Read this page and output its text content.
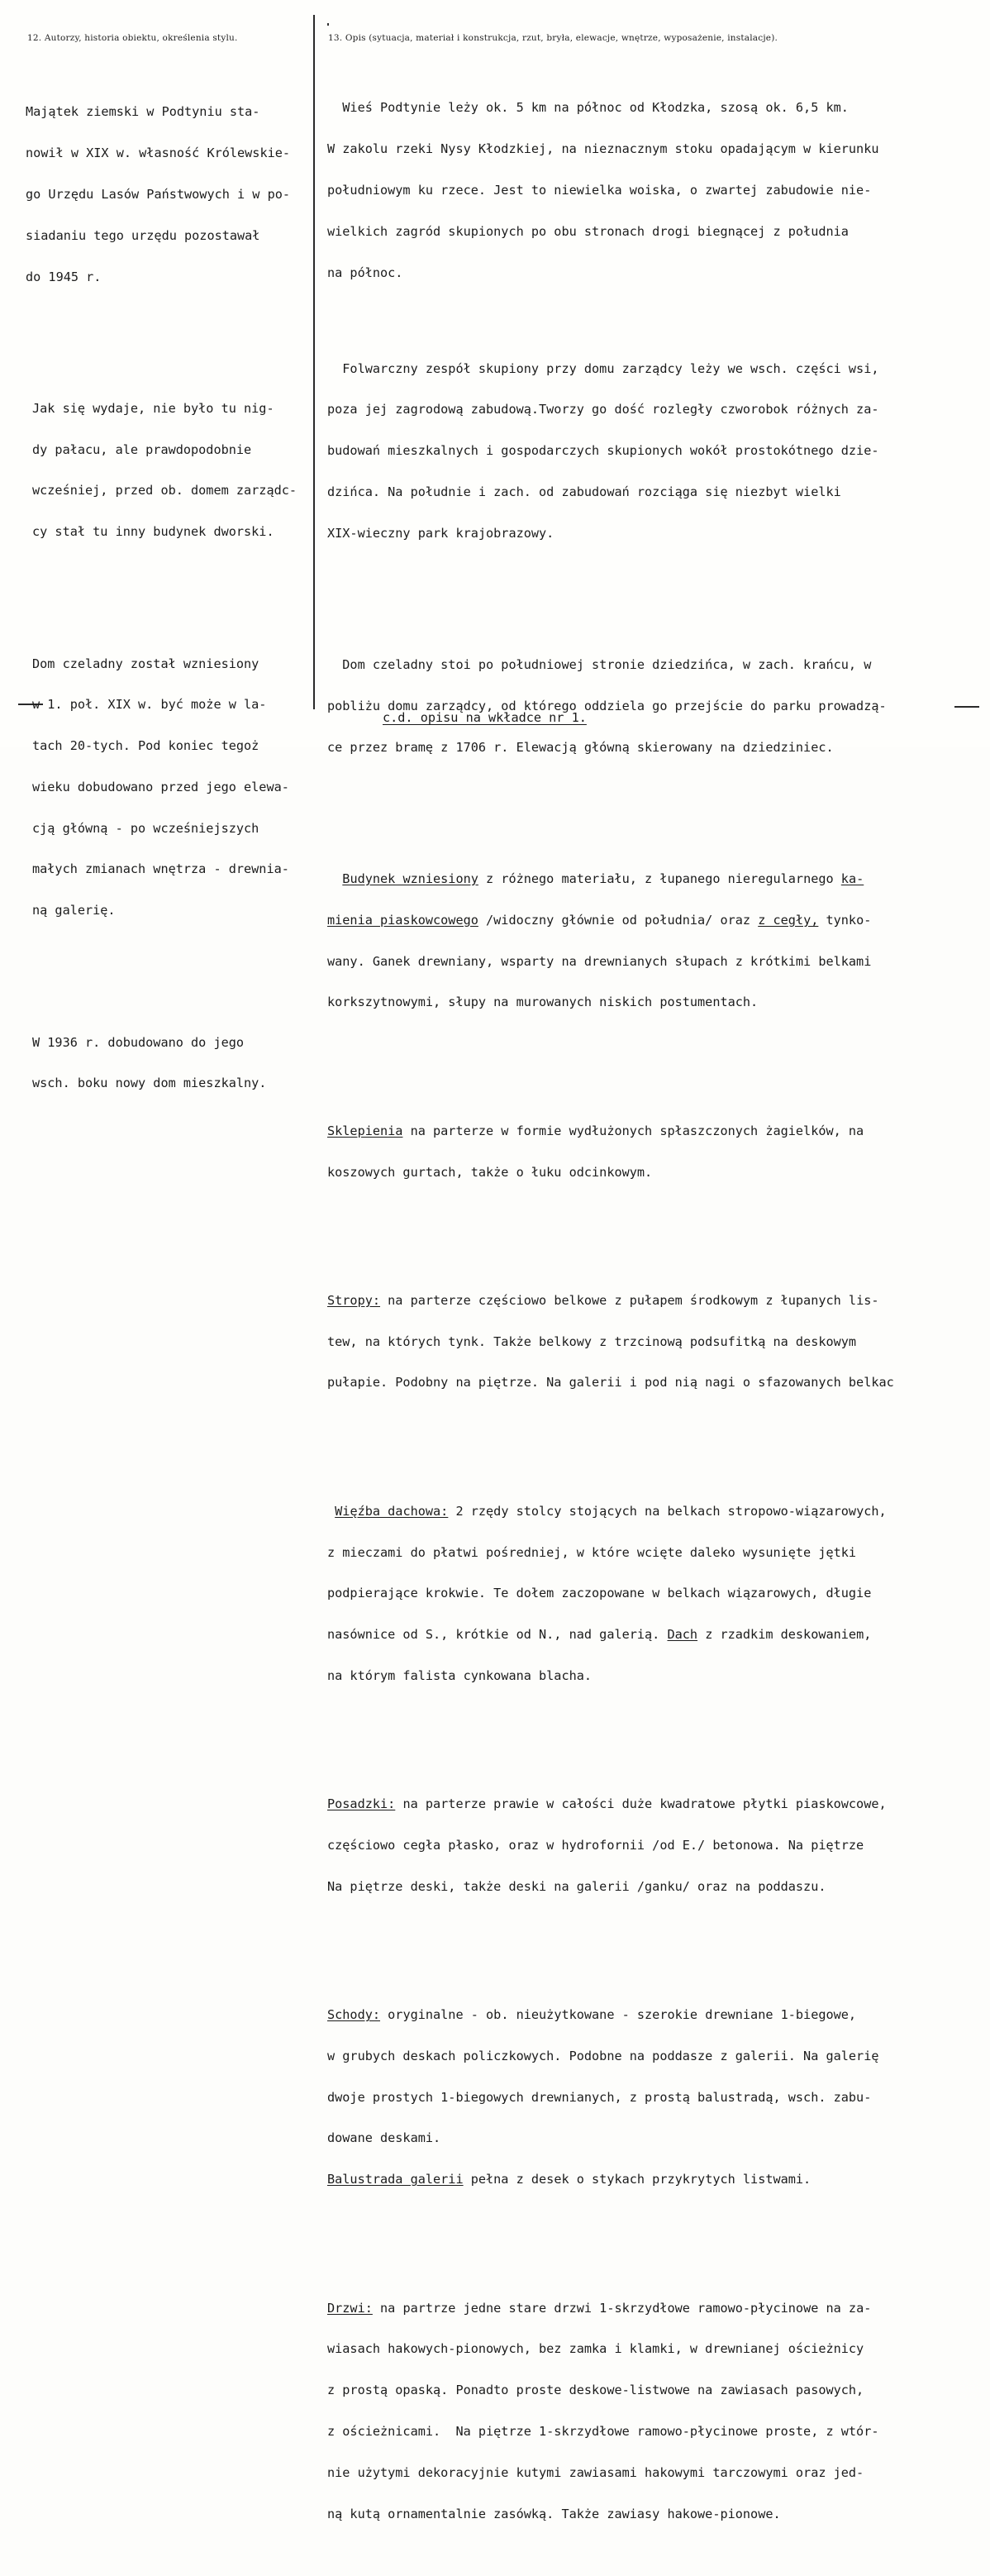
12. Autorzy, historia obiektu, określenia stylu.	13. Opis (sytuacja, materiał i konstrukcja, rzut, bryła, elewacje, wnętrze, wyposażenie, instalacje).

Majątek ziemski w Podtyniu sta-

nowił w XIX w. własność Królewskie-

go Urzędu Lasów Państwowych i w po-

siadaniu tego urzędu pozostawał

do 1945 r.

Jak się wydaje, nie było tu nig-

dy pałacu, ale prawdopodobnie

wcześniej, przed ob. domem zarządc-

cy stał tu inny budynek dworski.

Dom czeladny został wzniesiony

w 1. poł. XIX w. być może w la-

tach 20-tych. Pod koniec tegoż

wieku dobudowano przed jego elewa-

cją główną - po wcześniejszych

małych zmianach wnętrza - drewnia-

ną galerię.

W 1936 r. dobudowano do jego

wsch. boku nowy dom mieszkalny.

Wieś Podtynie leży ok. 5 km na północ od Kłodzka, szosą ok. 6,5 km.

W zakolu rzeki Nysy Kłodzkiej, na nieznacznym stoku opadającym w kierunku

południowym ku rzece. Jest to niewielka woiska, o zwartej zabudowie nie-

wielkich zagród skupionych po obu stronach drogi biegnącej z południa

na północ.

Folwarczny zespół skupiony przy domu zarządcy leży we wsch. części wsi,

poza jej zagrodową zabudową.Tworzy go dość rozległy czworobok różnych za-

budowań mieszkalnych i gospodarczych skupionych wokół prostokótnego dzie-

dzińca. Na południe i zach. od zabudowań rozciąga się niezbyt wielki

XIX-wieczny park krajobrazowy.

Dom czeladny stoi po południowej stronie dziedzińca, w zach. krańcu, w

pobliżu domu zarządcy, od którego oddziela go przejście do parku prowadzą-

ce przez bramę z 1706 r. Elewacją główną skierowany na dziedziniec.

Budynek wzniesiony z różnego materiału, z łupanego nieregularnego ka-

mienia piaskowcowego /widoczny głównie od południa/ oraz z cegły, tynko-

wany. Ganek drewniany, wsparty na drewnianych słupach z krótkimi belkami

korkszytnowymi, słupy na murowanych niskich postumentach.

Sklepienia na parterze w formie wydłużonych spłaszczonych żagielków, na

koszowych gurtach, także o łuku odcinkowym.

Stropy: na parterze częściowo belkowe z pułapem środkowym z łupanych lis-

tew, na których tynk. Także belkowy z trzcinową podsufitką na deskowym

pułapie. Podobny na piętrze. Na galerii i pod nią nagi o sfazowanych belkac

Więźba dachowa: 2 rzędy stolcy stojących na belkach stropowo-wiązarowych,

z mieczami do płatwi pośredniej, w które wcięte daleko wysunięte jętki

podpierające krokwie. Te dołem zaczopowane w belkach wiązarowych, długie

nasównice od S., krótkie od N., nad galerią. Dach z rzadkim deskowaniem,

na którym falista cynkowana blacha.

Posadzki: na parterze prawie w całości duże kwadratowe płytki piaskowcowe,

częściowo cegła płasko, oraz w hydrofornii /od E./ betonowa. Na piętrze

Na piętrze deski, także deski na galerii /ganku/ oraz na poddaszu.

Schody: oryginalne - ob. nieużytkowane - szerokie drewniane 1-biegowe,

w grubych deskach policzkowych. Podobne na poddasze z galerii. Na galerię

dwoje prostych 1-biegowych drewnianych, z prostą balustradą, wsch. zabu-

dowane deskami.

Balustrada galerii pełna z desek o stykach przykrytych listwami.

Drzwi: na partrze jedne stare drzwi 1-skrzydłowe ramowo-płycinowe na za-

wiasach hakowych-pionowych, bez zamka i klamki, w drewnianej ościeżnicy

z prostą opaską. Ponadto proste deskowe-listwowe na zawiasach pasowych,

z ościeżnicami.  Na piętrze 1-skrzydłowe ramowo-płycinowe proste, z wtór-

nie użytymi dekoracyjnie kutymi zawiasami hakowymi tarczowymi oraz jed-

ną kutą ornamentalnie zasówką. Także zawiasy hakowe-pionowe.

c.d. opisu na wkładce nr 1.
